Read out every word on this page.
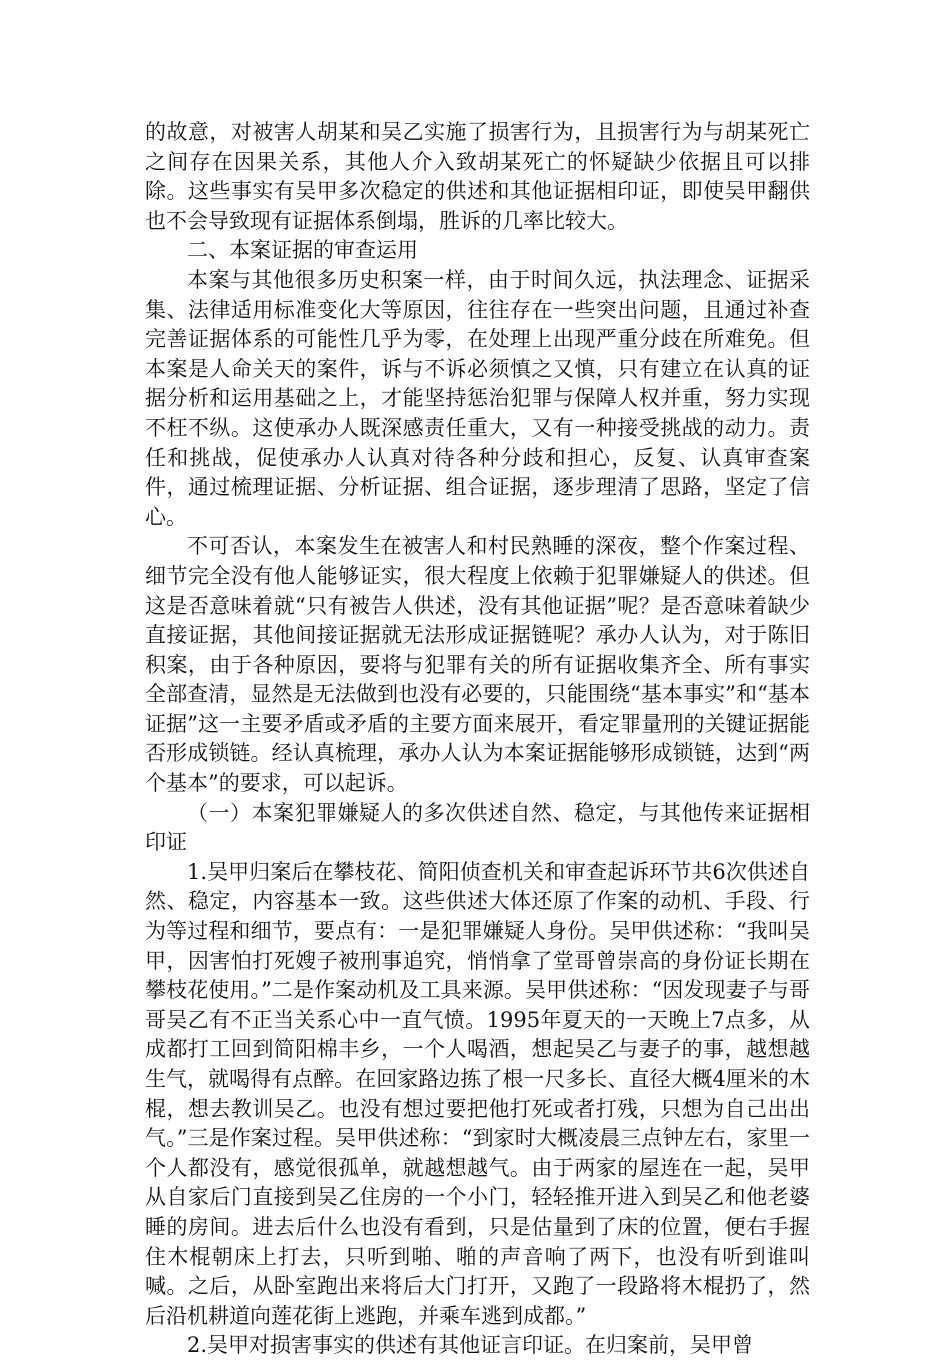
的故意，对被害人胡某和吴乙实施了损害行为，且损害行为与胡某死亡之间存在因果关系，其他人介入致胡某死亡的怀疑缺少依据且可以排除。这些事实有吴甲多次稳定的供述和其他证据相印证，即使吴甲翻供也不会导致现有证据体系倒塌，胜诉的几率比较大。

二、本案证据的审查运用

本案与其他很多历史积案一样，由于时间久远，执法理念、证据采集、法律适用标准变化大等原因，往往存在一些突出问题，且通过补查完善证据体系的可能性几乎为零，在处理上出现严重分歧在所难免。但本案是人命关天的案件，诉与不诉必须慎之又慎，只有建立在认真的证据分析和运用基础之上，才能坚持惩治犯罪与保障人权并重，努力实现不枉不纵。这使承办人既深感责任重大，又有一种接受挑战的动力。责任和挑战，促使承办人认真对待各种分歧和担心，反复、认真审查案件，通过梳理证据、分析证据、组合证据，逐步理清了思路，坚定了信心。

不可否认，本案发生在被害人和村民熟睡的深夜，整个作案过程、细节完全没有他人能够证实，很大程度上依赖于犯罪嫌疑人的供述。但这是否意味着就“只有被告人供述，没有其他证据”呢？是否意味着缺少直接证据，其他间接证据就无法形成证据链呢？承办人认为，对于陈旧积案，由于各种原因，要将与犯罪有关的所有证据收集齐全、所有事实全部查清，显然是无法做到也没有必要的，只能围绕“基本事实”和“基本证据”这一主要矛盾或矛盾的主要方面来展开，看定罪量刑的关键证据能否形成锁链。经认真梳理，承办人认为本案证据能够形成锁链，达到“两个基本”的要求，可以起诉。

（一）本案犯罪嫌疑人的多次供述自然、稳定，与其他传来证据相印证

1.吴甲归案后在攀枝花、简阳侦查机关和审查起诉环节共6次供述自然、稳定，内容基本一致。这些供述大体还原了作案的动机、手段、行为等过程和细节，要点有：一是犯罪嫌疑人身份。吴甲供述称：“我叫吴甲，因害怕打死嫂子被刑事追究，悄悄拿了堂哥曾崇高的身份证长期在攀枝花使用。”二是作案动机及工具来源。吴甲供述称：“因发现妻子与哥哥吴乙有不正当关系心中一直气愤。1995年夏天的一天晚上7点多，从成都打工回到简阳棉丰乡，一个人喝酒，想起吴乙与妻子的事，越想越生气，就喝得有点醉。在回家路边拣了根一尺多长、直径大概4厘米的木棍，想去教训吴乙。也没有想过要把他打死或者打残，只想为自己出出气。”三是作案过程。吴甲供述称：“到家时大概凌晨三点钟左右，家里一个人都没有，感觉很孤单，就越想越气。由于两家的屋连在一起，吴甲从自家后门直接到吴乙住房的一个小门，轻轻推开进入到吴乙和他老婆睡的房间。进去后什么也没有看到，只是估量到了床的位置，便右手握住木棍朝床上打去，只听到啪、啪的声音响了两下，也没有听到谁叫喊。之后，从卧室跑出来将后大门打开，又跑了一段路将木棍扔了，然后沿机耕道向莲花街上逃跑，并乘车逃到成都。”

2.吴甲对损害事实的供述有其他证言印证。在归案前，吴甲曾
